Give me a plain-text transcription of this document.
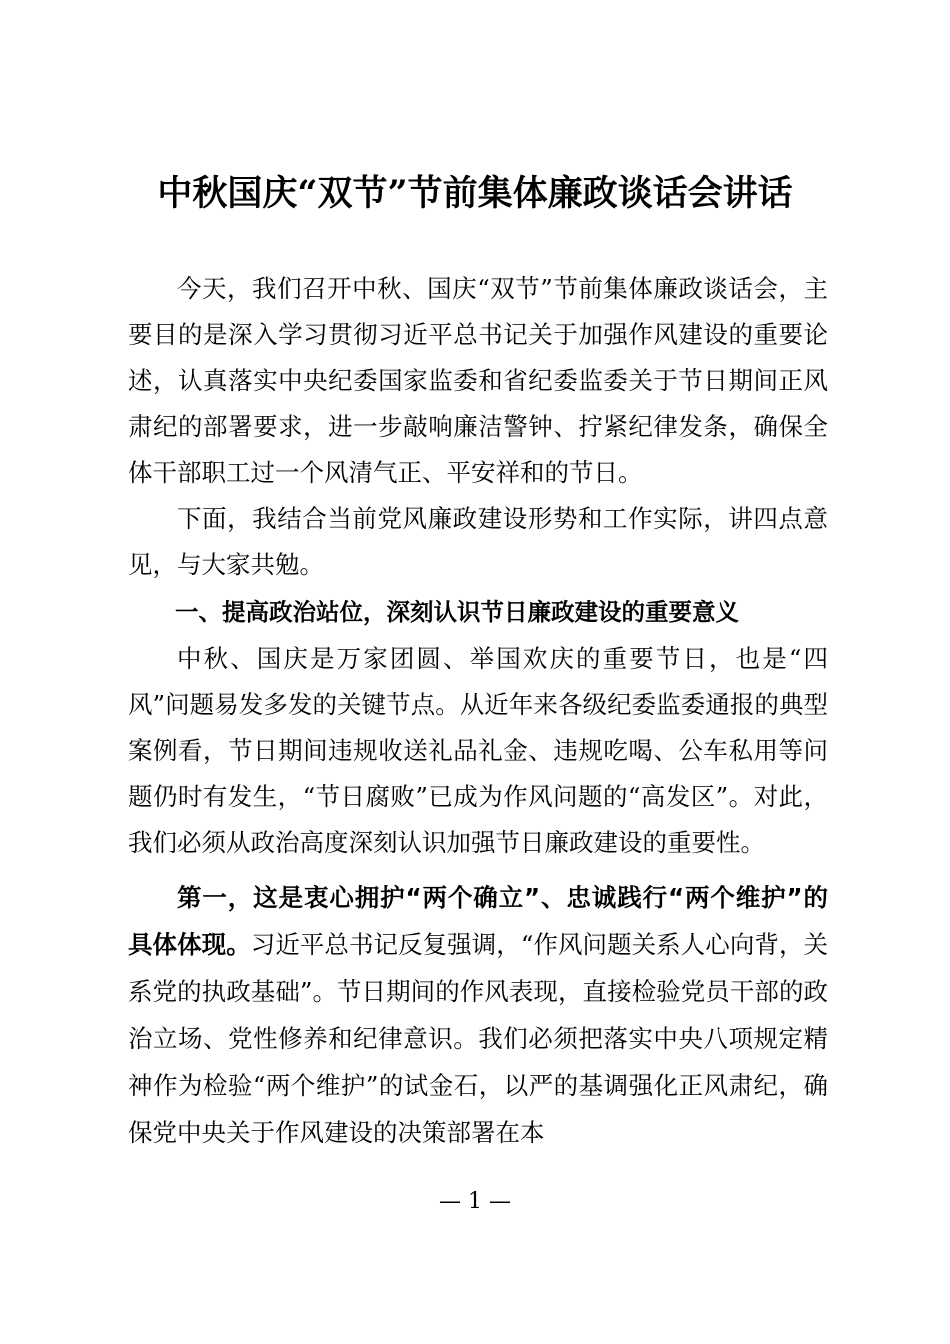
中秋国庆“双节”节前集体廉政谈话会讲话

今天，我们召开中秋、国庆“双节”节前集体廉政谈话会，主要目的是深入学习贯彻习近平总书记关于加强作风建设的重要论述，认真落实中央纪委国家监委和省纪委监委关于节日期间正风肃纪的部署要求，进一步敲响廉洁警钟、拧紧纪律发条，确保全体干部职工过一个风清气正、平安祥和的节日。

下面，我结合当前党风廉政建设形势和工作实际，讲四点意见，与大家共勉。

一、提高政治站位，深刻认识节日廉政建设的重要意义

中秋、国庆是万家团圆、举国欢庆的重要节日，也是“四风”问题易发多发的关键节点。从近年来各级纪委监委通报的典型案例看，节日期间违规收送礼品礼金、违规吃喝、公车私用等问题仍时有发生，“节日腐败”已成为作风问题的“高发区”。对此，我们必须从政治高度深刻认识加强节日廉政建设的重要性。

第一，这是衷心拥护“两个确立”、忠诚践行“两个维护”的具体体现。习近平总书记反复强调，“作风问题关系人心向背，关系党的执政基础”。节日期间的作风表现，直接检验党员干部的政治立场、党性修养和纪律意识。我们必须把落实中央八项规定精神作为检验“两个维护”的试金石，以严的基调强化正风肃纪，确保党中央关于作风建设的决策部署在本

— 1 —
